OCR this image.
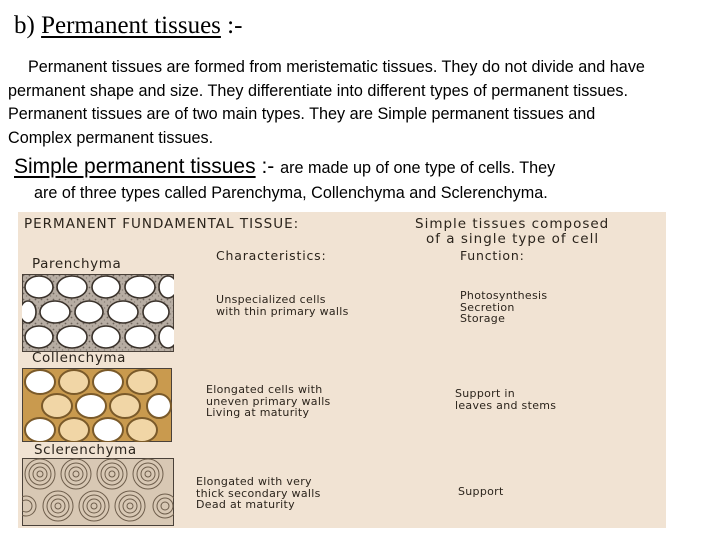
b) Permanent tissues :-
Permanent tissues are formed from meristematic tissues. They do not divide and have permanent shape and size. They differentiate into different types of permanent tissues. Permanent tissues are of two main types. They are Simple permanent tissues and Complex permanent tissues.
Simple permanent tissues :- are made up of one type of cells. They
are of three types called Parenchyma, Collenchyma and Sclerenchyma.
PERMANENT FUNDAMENTAL TISSUE:	Simple tissues composed
of a single type of cell
Characteristics:	Function:
Parenchyma
Unspecialized cells
with thin primary walls
Photosynthesis
Secretion
Storage
Collenchyma
Elongated cells with
uneven primary walls
Living at maturity
Support in
leaves and stems
Sclerenchyma
Elongated with very
thick secondary walls
Dead at maturity
Support
